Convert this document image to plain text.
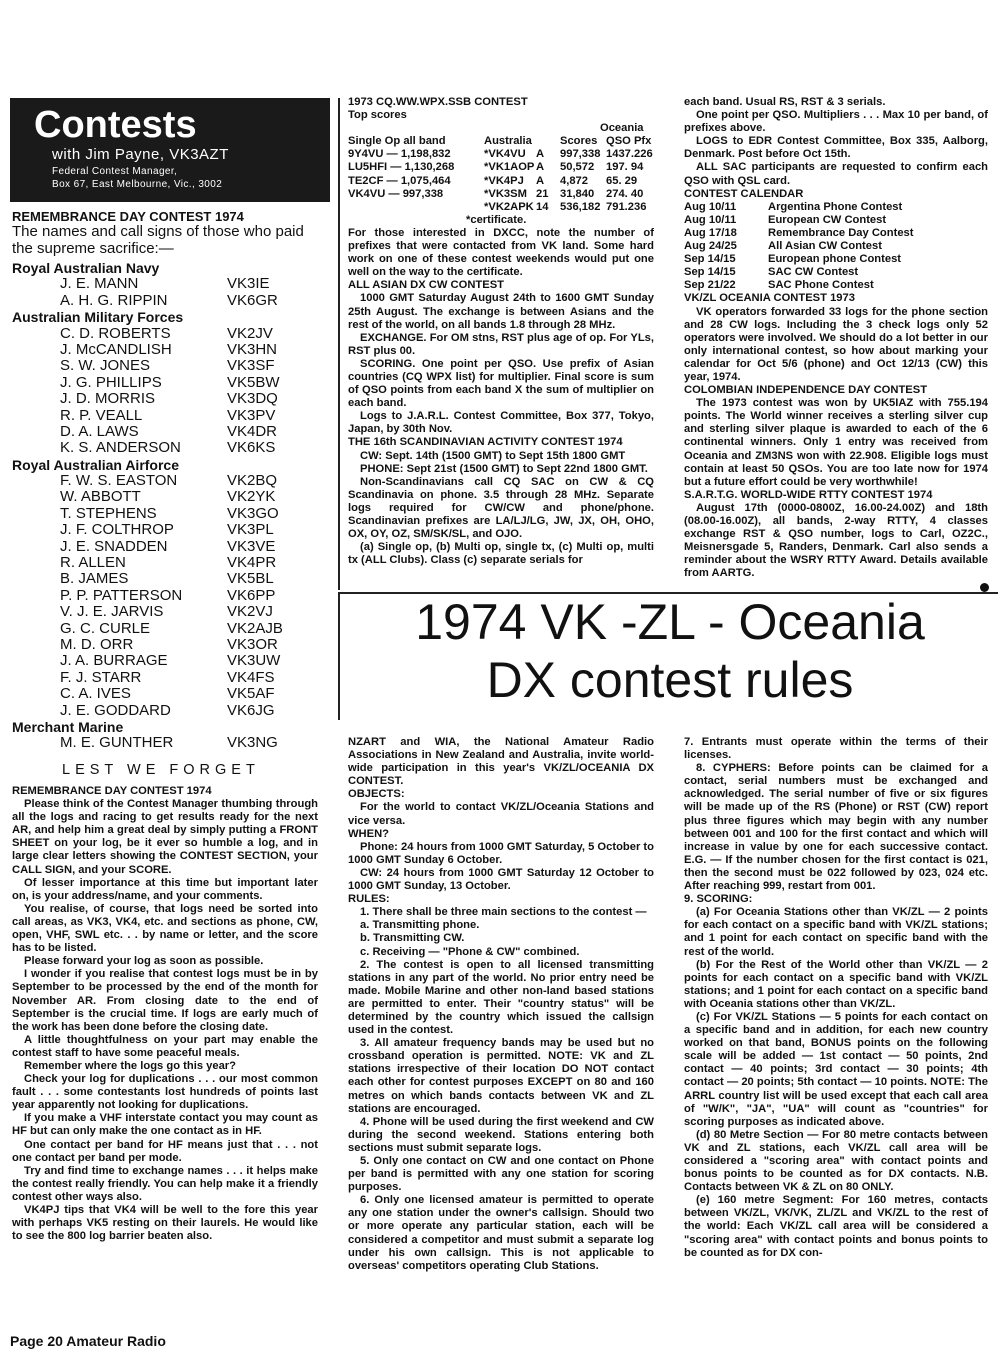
Contests
with Jim Payne, VK3AZT
Federal Contest Manager,
Box 67, East Melbourne, Vic., 3002
REMEMBRANCE DAY CONTEST 1974
The names and call signs of those who paid the supreme sacrifice:—
Royal Australian Navy
J. E. MANN	VK3IE
A. H. G. RIPPIN	VK6GR
Australian Military Forces
C. D. ROBERTS	VK2JV
J. McCANDLISH	VK3HN
S. W. JONES	VK3SF
J. G. PHILLIPS	VK5BW
J. D. MORRIS	VK3DQ
R. P. VEALL	VK3PV
D. A. LAWS	VK4DR
K. S. ANDERSON	VK6KS
Royal Australian Airforce
F. W. S. EASTON	VK2BQ
W. ABBOTT	VK2YK
T. STEPHENS	VK3GO
J. F. COLTHROP	VK3PL
J. E. SNADDEN	VK3VE
R. ALLEN	VK4PR
B. JAMES	VK5BL
P. P. PATTERSON	VK6PP
V. J. E. JARVIS	VK2VJ
G. C. CURLE	VK2AJB
M. D. ORR	VK3OR
J. A. BURRAGE	VK3UW
F. J. STARR	VK4FS
C. A. IVES	VK5AF
J. E. GODDARD	VK6JG
Merchant Marine
M. E. GUNTHER	VK3NG
LEST WE FORGET

REMEMBRANCE DAY CONTEST 1974

Please think of the Contest Manager thumbing through all the logs and racing to get results ready for the next AR, and help him a great deal by simply putting a FRONT SHEET on your log, be it ever so humble a log, and in large clear letters showing the CONTEST SECTION, your CALL SIGN, and your SCORE.

Of lesser importance at this time but important later on, is your address/name, and your comments.

You realise, of course, that logs need be sorted into call areas, as VK3, VK4, etc. and sections as phone, CW, open, VHF, SWL etc. . . by name or letter, and the score has to be listed.

Please forward your log as soon as possible.

I wonder if you realise that contest logs must be in by September to be processed by the end of the month for November AR. From closing date to the end of September is the crucial time. If logs are early much of the work has been done before the closing date.

A little thoughtfulness on your part may enable the contest staff to have some peaceful meals.

Remember where the logs go this year?

Check your log for duplications . . . our most common fault . . . some contestants lost hundreds of points last year apparently not looking for duplications.

If you make a VHF interstate contact you may count as HF but can only make the one contact as in HF.

One contact per band for HF means just that . . . not one contact per band per mode.

Try and find time to exchange names . . . it helps make the contest really friendly. You can help make it a friendly contest other ways also.

VK4PJ tips that VK4 will be well to the fore this year with perhaps VK5 resting on their laurels. He would like to see the 800 log barrier beaten also.

1973 CQ.WW.WPX.SSB CONTEST
Top scores
Oceania
Single Op all band	Australia	Scores QSO Pfx
9Y4VU — 1,198,832	*VK4VU A 997,338 1437.226
LU5HFI — 1,130,268	*VK1AOP A 50,572 197. 94
TE2CF — 1,075,464	*VK4PJ A 4,872 65. 29
VK4VU — 997,338	*VK3SM 21 31,840 274. 40
*VK2APK 14 536,182 791.236
*certificate.

For those interested in DXCC, note the number of prefixes that were contacted from VK land. Some hard work on one of these contest weekends would put one well on the way to the certificate.

ALL ASIAN DX CW CONTEST

1000 GMT Saturday August 24th to 1600 GMT Sunday 25th August. The exchange is between Asians and the rest of the world, on all bands 1.8 through 28 MHz.

EXCHANGE. For OM stns, RST plus age of op. For YLs, RST plus 00.

SCORING. One point per QSO. Use prefix of Asian countries (CQ WPX list) for multiplier. Final score is sum of QSO points from each band X the sum of multiplier on each band.

Logs to J.A.R.L. Contest Committee, Box 377, Tokyo, Japan, by 30th Nov.

THE 16th SCANDINAVIAN ACTIVITY CONTEST 1974

CW: Sept. 14th (1500 GMT) to Sept 15th 1800 GMT

PHONE: Sept 21st (1500 GMT) to Sept 22nd 1800 GMT.

Non-Scandinavians call CQ SAC on CW & CQ Scandinavia on phone. 3.5 through 28 MHz. Separate logs required for CW/CW and phone/phone. Scandinavian prefixes are LA/LJ/LG, JW, JX, OH, OHO, OX, OY, OZ, SM/SK/SL, and OJO.

(a) Single op, (b) Multi op, single tx, (c) Multi op, multi tx (ALL Clubs). Class (c) separate serials for

each band. Usual RS, RST & 3 serials.

One point per QSO. Multipliers . . . Max 10 per band, of prefixes above.

LOGS to EDR Contest Committee, Box 335, Aalborg, Denmark. Post before Oct 15th.

ALL SAC participants are requested to confirm each QSO with QSL card.

CONTEST CALENDAR
Aug 10/11	Argentina Phone Contest
Aug 10/11	European CW Contest
Aug 17/18	Remembrance Day Contest
Aug 24/25	All Asian CW Contest
Sep 14/15	European phone Contest
Sep 14/15	SAC CW Contest
Sep 21/22	SAC Phone Contest

VK/ZL OCEANIA CONTEST 1973

VK operators forwarded 33 logs for the phone section and 28 CW logs. Including the 3 check logs only 52 operators were involved. We should do a lot better in our only international contest, so how about marking your calendar for Oct 5/6 (phone) and Oct 12/13 (CW) this year, 1974.

COLOMBIAN INDEPENDENCE DAY CONTEST

The 1973 contest was won by UK5IAZ with 755.194 points. The World winner receives a sterling silver cup and sterling silver plaque is awarded to each of the 6 continental winners. Only 1 entry was received from Oceania and ZM3NS won with 22.908. Eligible logs must contain at least 50 QSOs. You are too late now for 1974 but a future effort could be very worthwhile!

S.A.R.T.G. WORLD-WIDE RTTY CONTEST 1974

August 17th (0000-0800Z, 16.00-24.00Z) and 18th (08.00-16.00Z), all bands, 2-way RTTY, 4 classes exchange RST & QSO number, logs to Carl, OZ2C., Meisnersgade 5, Randers, Denmark. Carl also sends a reminder about the WSRY RTTY Award. Details available from AARTG.

1974 VK -ZL - Oceania
DX contest rules

NZART and WIA, the National Amateur Radio Associations in New Zealand and Australia, invite world-wide participation in this year's VK/ZL/OCEANIA DX CONTEST.

OBJECTS:

For the world to contact VK/ZL/Oceania Stations and vice versa.

WHEN?

Phone: 24 hours from 1000 GMT Saturday, 5 October to 1000 GMT Sunday 6 October.

CW: 24 hours from 1000 GMT Saturday 12 October to 1000 GMT Sunday, 13 October.

RULES:

1. There shall be three main sections to the contest —

a. Transmitting phone.

b. Transmitting CW.

c. Receiving — "Phone & CW" combined.

2. The contest is open to all licensed transmitting stations in any part of the world. No prior entry need be made. Mobile Marine and other non-land based stations are permitted to enter. Their "country status" will be determined by the country which issued the callsign used in the contest.

3. All amateur frequency bands may be used but no crossband operation is permitted. NOTE: VK and ZL stations irrespective of their location DO NOT contact each other for contest purposes EXCEPT on 80 and 160 metres on which bands contacts between VK and ZL stations are encouraged.

4. Phone will be used during the first weekend and CW during the second weekend. Stations entering both sections must submit separate logs.

5. Only one contact on CW and one contact on Phone per band is permitted with any one station for scoring purposes.

6. Only one licensed amateur is permitted to operate any one station under the owner's callsign. Should two or more operate any particular station, each will be considered a competitor and must submit a separate log under his own callsign. This is not applicable to overseas' competitors operating Club Stations.

7. Entrants must operate within the terms of their licenses.

8. CYPHERS: Before points can be claimed for a contact, serial numbers must be exchanged and acknowledged. The serial number of five or six figures will be made up of the RS (Phone) or RST (CW) report plus three figures which may begin with any number between 001 and 100 for the first contact and which will increase in value by one for each successive contact. E.G. — If the number chosen for the first contact is 021, then the second must be 022 followed by 023, 024 etc. After reaching 999, restart from 001.

9. SCORING:

(a) For Oceania Stations other than VK/ZL — 2 points for each contact on a specific band with VK/ZL stations; and 1 point for each contact on specific band with the rest of the world.

(b) For the Rest of the World other than VK/ZL — 2 points for each contact on a specific band with VK/ZL stations; and 1 point for each contact on a specific band with Oceania stations other than VK/ZL.

(c) For VK/ZL Stations — 5 points for each contact on a specific band and in addition, for each new country worked on that band, BONUS points on the following scale will be added — 1st contact — 50 points, 2nd contact — 40 points; 3rd contact — 30 points; 4th contact — 20 points; 5th contact — 10 points. NOTE: The ARRL country list will be used except that each call area of "W/K", "JA", "UA" will count as "countries" for scoring purposes as indicated above.

(d) 80 Metre Section — For 80 metre contacts between VK and ZL stations, each VK/ZL call area will be considered a "scoring area" with contact points and bonus points to be counted as for DX contacts. N.B. Contacts between VK & ZL on 80 ONLY.

(e) 160 metre Segment: For 160 metres, contacts between VK/ZL, VK/VK, ZL/ZL and VK/ZL to the rest of the world: Each VK/ZL call area will be considered a "scoring area" with contact points and bonus points to be counted as for DX con-

Page 20 Amateur Radio
